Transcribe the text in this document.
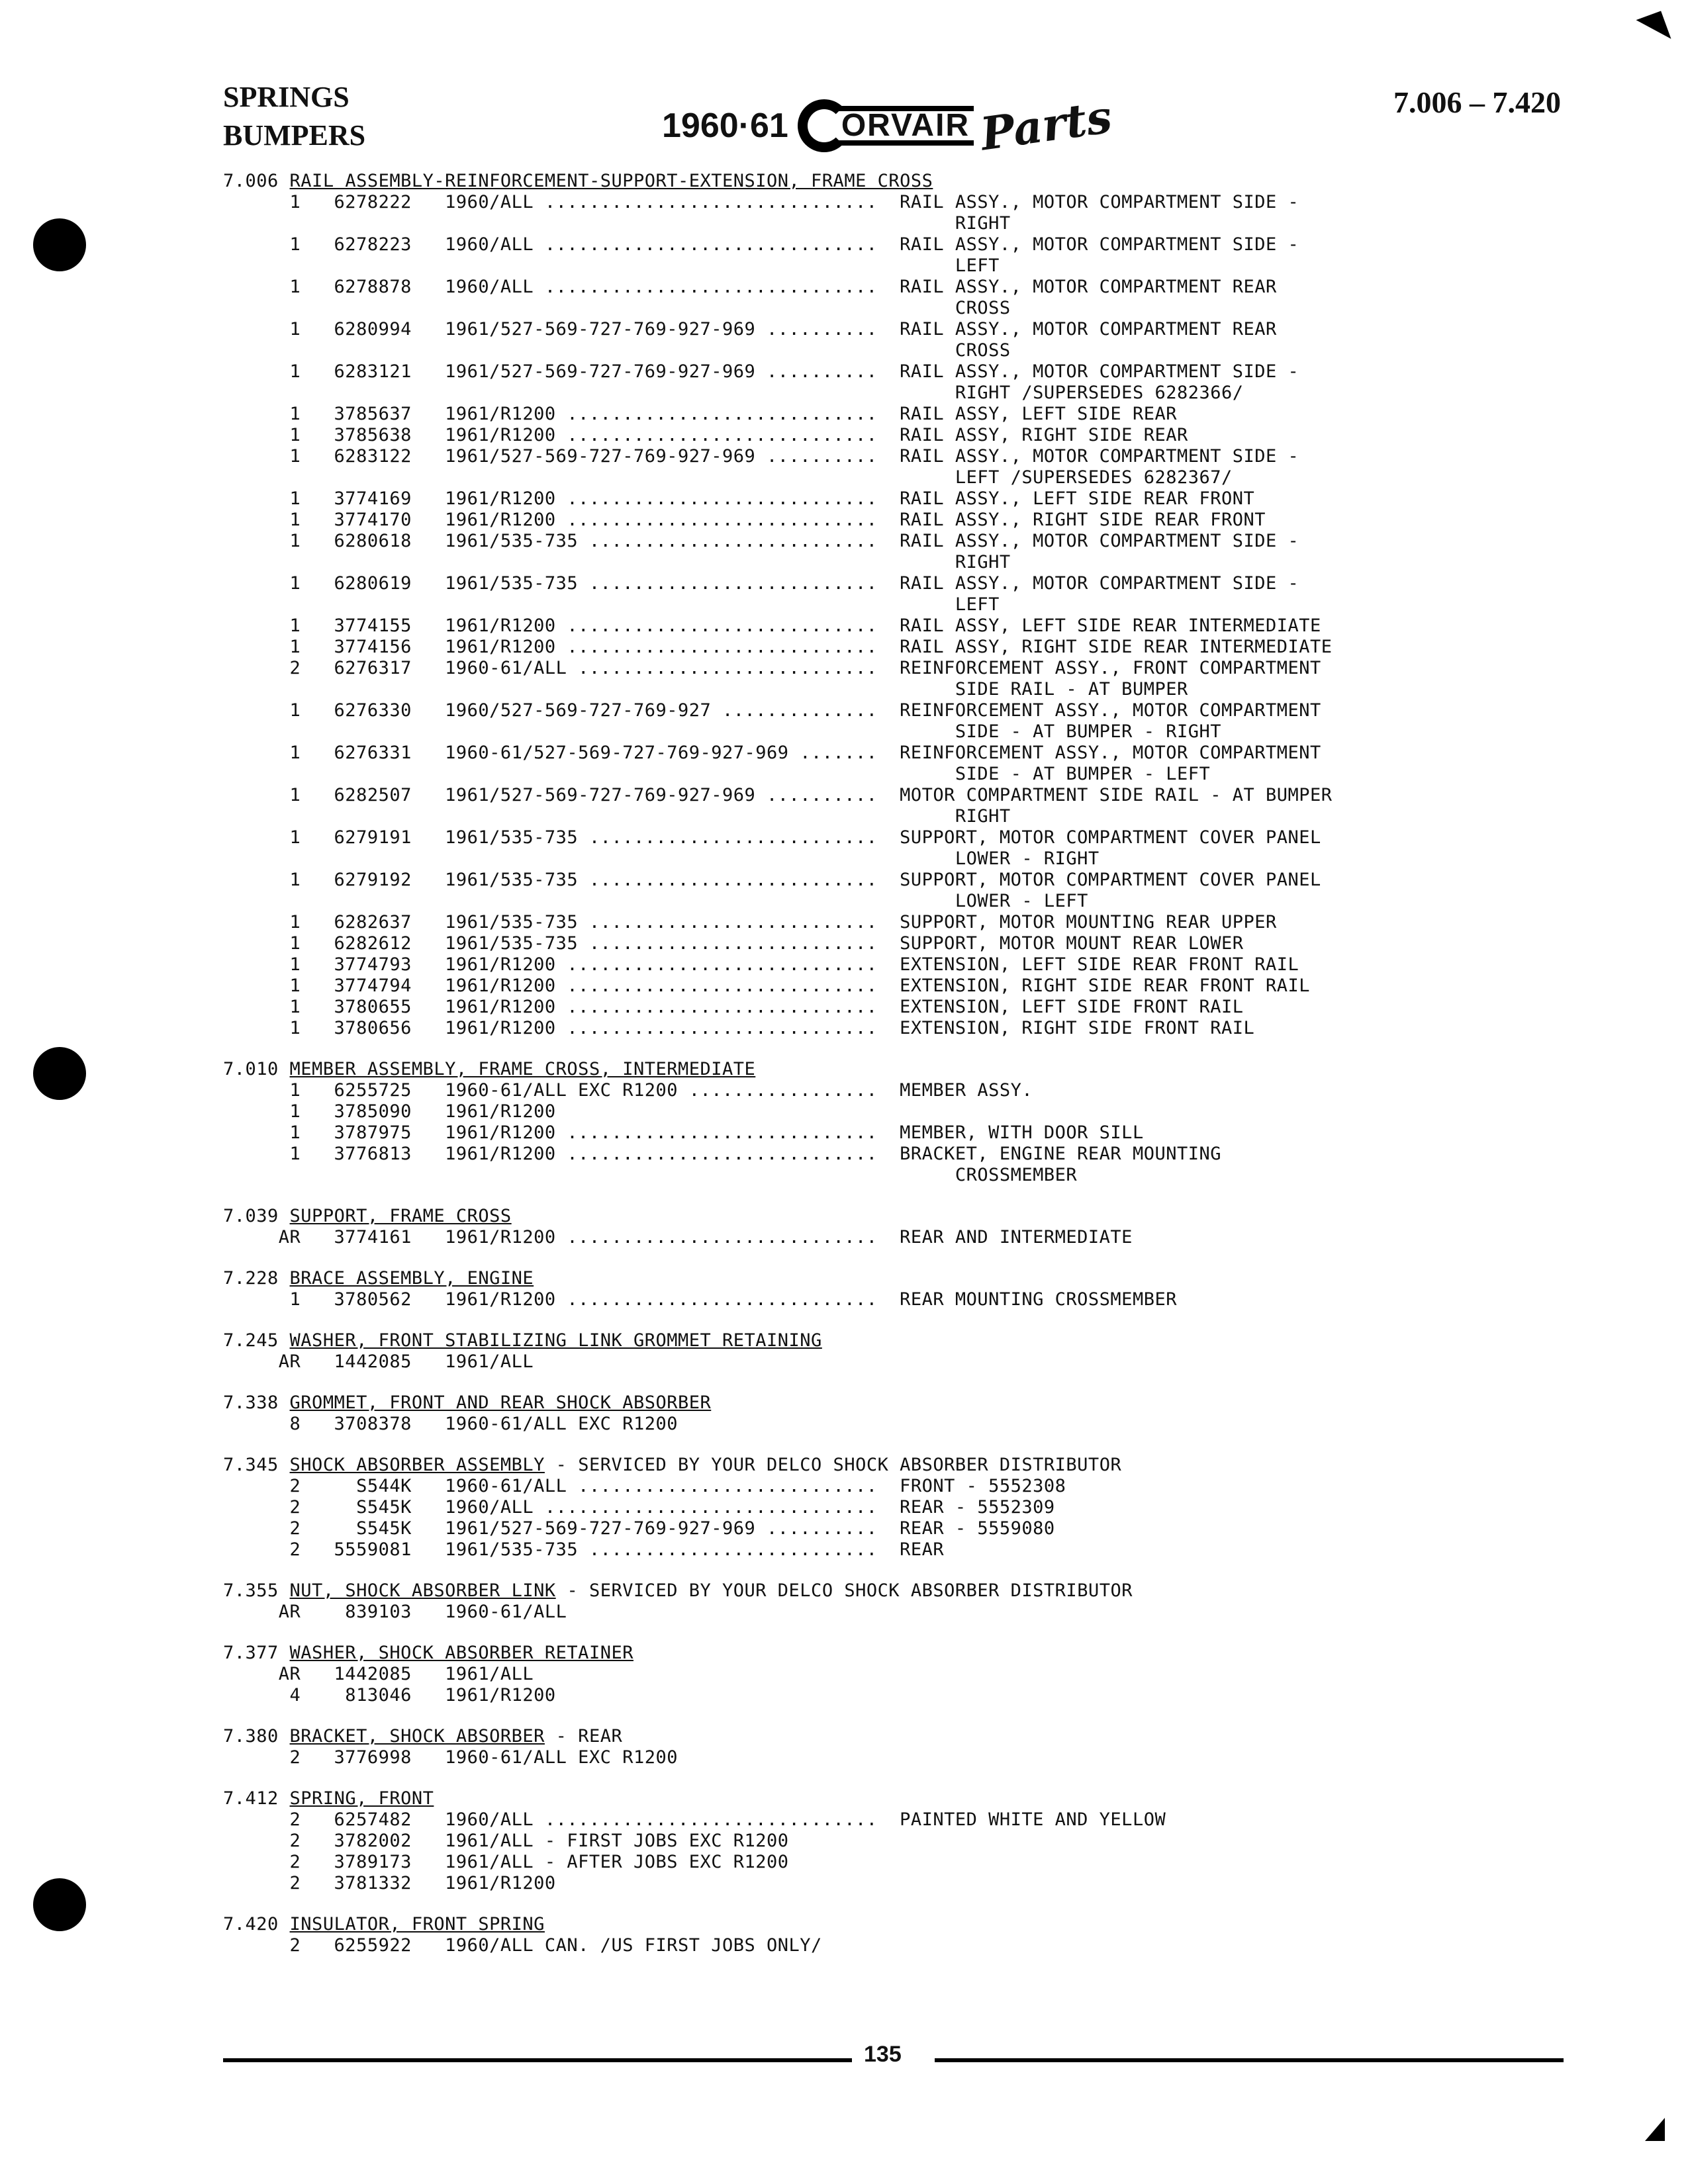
SPRINGS
BUMPERS	1960·61 ORVAIR Parts	7.006 – 7.420
7.006 RAIL ASSEMBLY-REINFORCEMENT-SUPPORT-EXTENSION, FRAME CROSS
1   6278222   1960/ALL ..............................  RAIL ASSY., MOTOR COMPARTMENT SIDE -
RIGHT
1   6278223   1960/ALL ..............................  RAIL ASSY., MOTOR COMPARTMENT SIDE -
LEFT
1   6278878   1960/ALL ..............................  RAIL ASSY., MOTOR COMPARTMENT REAR
CROSS
1   6280994   1961/527-569-727-769-927-969 ..........  RAIL ASSY., MOTOR COMPARTMENT REAR
CROSS
1   6283121   1961/527-569-727-769-927-969 ..........  RAIL ASSY., MOTOR COMPARTMENT SIDE -
RIGHT /SUPERSEDES 6282366/
1   3785637   1961/R1200 ............................  RAIL ASSY, LEFT SIDE REAR
1   3785638   1961/R1200 ............................  RAIL ASSY, RIGHT SIDE REAR
1   6283122   1961/527-569-727-769-927-969 ..........  RAIL ASSY., MOTOR COMPARTMENT SIDE -
LEFT /SUPERSEDES 6282367/
1   3774169   1961/R1200 ............................  RAIL ASSY., LEFT SIDE REAR FRONT
1   3774170   1961/R1200 ............................  RAIL ASSY., RIGHT SIDE REAR FRONT
1   6280618   1961/535-735 ..........................  RAIL ASSY., MOTOR COMPARTMENT SIDE -
RIGHT
1   6280619   1961/535-735 ..........................  RAIL ASSY., MOTOR COMPARTMENT SIDE -
LEFT
1   3774155   1961/R1200 ............................  RAIL ASSY, LEFT SIDE REAR INTERMEDIATE
1   3774156   1961/R1200 ............................  RAIL ASSY, RIGHT SIDE REAR INTERMEDIATE
2   6276317   1960-61/ALL ...........................  REINFORCEMENT ASSY., FRONT COMPARTMENT
SIDE RAIL - AT BUMPER
1   6276330   1960/527-569-727-769-927 ..............  REINFORCEMENT ASSY., MOTOR COMPARTMENT
SIDE - AT BUMPER - RIGHT
1   6276331   1960-61/527-569-727-769-927-969 .......  REINFORCEMENT ASSY., MOTOR COMPARTMENT
SIDE - AT BUMPER - LEFT
1   6282507   1961/527-569-727-769-927-969 ..........  MOTOR COMPARTMENT SIDE RAIL - AT BUMPER
RIGHT
1   6279191   1961/535-735 ..........................  SUPPORT, MOTOR COMPARTMENT COVER PANEL
LOWER - RIGHT
1   6279192   1961/535-735 ..........................  SUPPORT, MOTOR COMPARTMENT COVER PANEL
LOWER - LEFT
1   6282637   1961/535-735 ..........................  SUPPORT, MOTOR MOUNTING REAR UPPER
1   6282612   1961/535-735 ..........................  SUPPORT, MOTOR MOUNT REAR LOWER
1   3774793   1961/R1200 ............................  EXTENSION, LEFT SIDE REAR FRONT RAIL
1   3774794   1961/R1200 ............................  EXTENSION, RIGHT SIDE REAR FRONT RAIL
1   3780655   1961/R1200 ............................  EXTENSION, LEFT SIDE FRONT RAIL
1   3780656   1961/R1200 ............................  EXTENSION, RIGHT SIDE FRONT RAIL
7.010 MEMBER ASSEMBLY, FRAME CROSS, INTERMEDIATE
1   6255725   1960-61/ALL EXC R1200 .................  MEMBER ASSY.
1   3785090   1961/R1200
1   3787975   1961/R1200 ............................  MEMBER, WITH DOOR SILL
1   3776813   1961/R1200 ............................  BRACKET, ENGINE REAR MOUNTING
CROSSMEMBER
7.039 SUPPORT, FRAME CROSS
AR   3774161   1961/R1200 ............................  REAR AND INTERMEDIATE
7.228 BRACE ASSEMBLY, ENGINE
1   3780562   1961/R1200 ............................  REAR MOUNTING CROSSMEMBER
7.245 WASHER, FRONT STABILIZING LINK GROMMET RETAINING
AR   1442085   1961/ALL
7.338 GROMMET, FRONT AND REAR SHOCK ABSORBER
8   3708378   1960-61/ALL EXC R1200
7.345 SHOCK ABSORBER ASSEMBLY - SERVICED BY YOUR DELCO SHOCK ABSORBER DISTRIBUTOR
2     S544K   1960-61/ALL ...........................  FRONT - 5552308
2     S545K   1960/ALL ..............................  REAR - 5552309
2     S545K   1961/527-569-727-769-927-969 ..........  REAR - 5559080
2   5559081   1961/535-735 ..........................  REAR
7.355 NUT, SHOCK ABSORBER LINK - SERVICED BY YOUR DELCO SHOCK ABSORBER DISTRIBUTOR
AR    839103   1960-61/ALL
7.377 WASHER, SHOCK ABSORBER RETAINER
AR   1442085   1961/ALL
4    813046   1961/R1200
7.380 BRACKET, SHOCK ABSORBER - REAR
2   3776998   1960-61/ALL EXC R1200
7.412 SPRING, FRONT
2   6257482   1960/ALL ..............................  PAINTED WHITE AND YELLOW
2   3782002   1961/ALL - FIRST JOBS EXC R1200
2   3789173   1961/ALL - AFTER JOBS EXC R1200
2   3781332   1961/R1200
7.420 INSULATOR, FRONT SPRING
2   6255922   1960/ALL CAN. /US FIRST JOBS ONLY/
135
